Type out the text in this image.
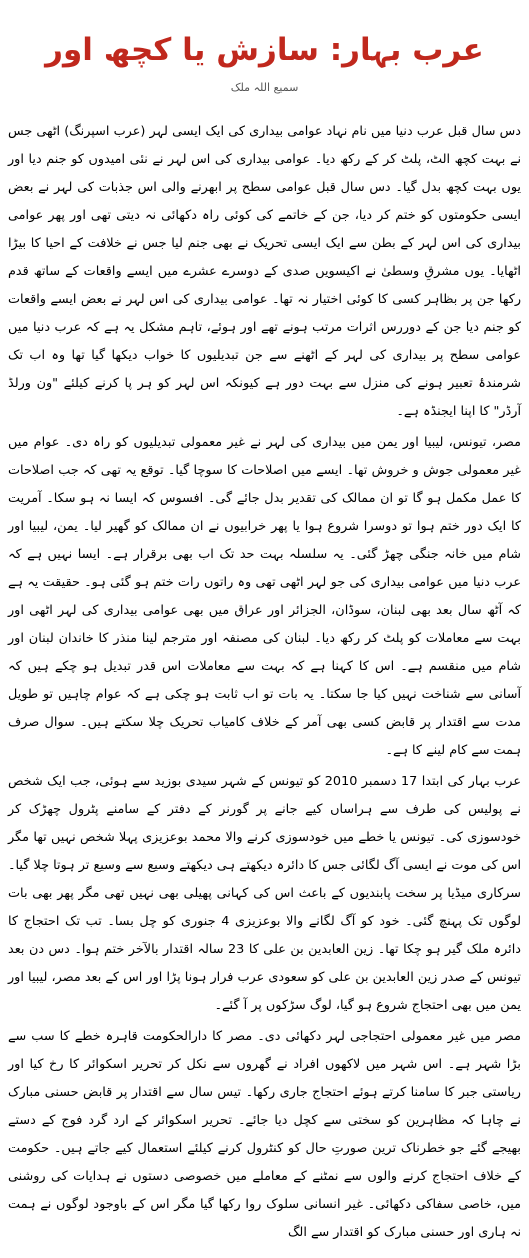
عرب بہار: سازش یا کچھ اور
سمیع اللہ ملک

دس سال قبل عرب دنیا میں نام نہاد عوامی بیداری کی ایک ایسی لہر (عرب اسپرنگ) اٹھی جس نے بہت کچھ الٹ، پلٹ کر کے رکھ دیا۔ عوامی بیداری کی اس لہر نے نئی امیدوں کو جنم دیا اور یوں بہت کچھ بدل گیا۔ دس سال قبل عوامی سطح پر ابھرنے والی اس جذبات کی لہر نے بعض ایسی حکومتوں کو ختم کر دیا، جن کے خاتمے کی کوئی راہ دکھائی نہ دیتی تھی اور پھر عوامی بیداری کی اس لہر کے بطن سے ایک ایسی تحریک نے بھی جنم لیا جس نے خلافت کے احیا کا بیڑا اٹھایا۔ یوں مشرقِ وسطیٰ نے اکیسویں صدی کے دوسرے عشرے میں ایسے واقعات کے ساتھ قدم رکھا جن پر بظاہر کسی کا کوئی اختیار نہ تھا۔ عوامی بیداری کی اس لہر نے بعض ایسے واقعات کو جنم دیا جن کے دوررس اثرات مرتب ہونے تھے اور ہوئے، تاہم مشکل یہ ہے کہ عرب دنیا میں عوامی سطح پر بیداری کی لہر کے اٹھنے سے جن تبدیلیوں کا خواب دیکھا گیا تھا وہ اب تک شرمندۂ تعبیر ہونے کی منزل سے بہت دور ہے کیونکہ اس لہر کو ہر پا کرنے کیلئے "ون ورلڈ آرڈر" کا اپنا ایجنڈہ ہے۔

مصر، تیونس، لیبیا اور یمن میں بیداری کی لہر نے غیر معمولی تبدیلیوں کو راہ دی۔ عوام میں غیر معمولی جوش و خروش تھا۔ ایسے میں اصلاحات کا سوچا گیا۔ توقع یہ تھی کہ جب اصلاحات کا عمل مکمل ہو گا تو ان ممالک کی تقدیر بدل جائے گی۔ افسوس کہ ایسا نہ ہو سکا۔ آمریت کا ایک دور ختم ہوا تو دوسرا شروع ہوا یا پھر خرابیوں نے ان ممالک کو گھیر لیا۔ یمن، لیبیا اور شام میں خانہ جنگی چھڑ گئی۔ یہ سلسلہ بہت حد تک اب بھی برقرار ہے۔ ایسا نہیں ہے کہ عرب دنیا میں عوامی بیداری کی جو لہر اٹھی تھی وہ راتوں رات ختم ہو گئی ہو۔ حقیقت یہ ہے کہ آٹھ سال بعد بھی لبنان، سوڈان، الجزائر اور عراق میں بھی عوامی بیداری کی لہر اٹھی اور بہت سے معاملات کو پلٹ کر رکھ دیا۔ لبنان کی مصنفہ اور مترجم لینا منذر کا خاندان لبنان اور شام میں منقسم ہے۔ اس کا کہنا ہے کہ بہت سے معاملات اس قدر تبدیل ہو چکے ہیں کہ آسانی سے شناخت نہیں کیا جا سکتا۔ یہ بات تو اب ثابت ہو چکی ہے کہ عوام چاہیں تو طویل مدت سے اقتدار پر قابض کسی بھی آمر کے خلاف کامیاب تحریک چلا سکتے ہیں۔ سوال صرف ہمت سے کام لینے کا ہے۔

عرب بہار کی ابتدا 17 دسمبر 2010 کو تیونس کے شہر سیدی بوزید سے ہوئی، جب ایک شخص نے پولیس کی طرف سے ہراساں کیے جانے پر گورنر کے دفتر کے سامنے پٹرول چھڑک کر خودسوزی کی۔ تیونس یا خطے میں خودسوزی کرنے والا محمد بوعزیزی پہلا شخص نہیں تھا مگر اس کی موت نے ایسی آگ لگائی جس کا دائرہ دیکھتے ہی دیکھتے وسیع سے وسیع تر ہوتا چلا گیا۔ سرکاری میڈیا پر سخت پابندیوں کے باعث اس کی کہانی پھیلی بھی نہیں تھی مگر پھر بھی بات لوگوں تک پہنچ گئی۔ خود کو آگ لگانے والا بوعزیزی 4 جنوری کو چل بسا۔ تب تک احتجاج کا دائرہ ملک گیر ہو چکا تھا۔ زین العابدین بن علی کا 23 سالہ اقتدار بالآخر ختم ہوا۔ دس دن بعد تیونس کے صدر زین العابدین بن علی کو سعودی عرب فرار ہونا پڑا اور اس کے بعد مصر، لیبیا اور یمن میں بھی احتجاج شروع ہو گیا، لوگ سڑکوں پر آ گئے۔

مصر میں غیر معمولی احتجاجی لہر دکھائی دی۔ مصر کا دارالحکومت قاہرہ خطے کا سب سے بڑا شہر ہے۔ اس شہر میں لاکھوں افراد نے گھروں سے نکل کر تحریر اسکوائر کا رخ کیا اور ریاستی جبر کا سامنا کرتے ہوئے احتجاج جاری رکھا۔ تیس سال سے اقتدار پر قابض حسنی مبارک نے چاہا کہ مظاہرین کو سختی سے کچل دیا جائے۔ تحریر اسکوائر کے ارد گرد فوج کے دستے بھیجے گئے جو خطرناک ترین صورتِ حال کو کنٹرول کرنے کیلئے استعمال کیے جاتے ہیں۔ حکومت کے خلاف احتجاج کرنے والوں سے نمٹنے کے معاملے میں خصوصی دستوں نے ہدایات کی روشنی میں، خاصی سفاکی دکھائی۔ غیر انسانی سلوک روا رکھا گیا مگر اس کے باوجود لوگوں نے ہمت نہ ہاری اور حسنی مبارک کو اقتدار سے الگ
